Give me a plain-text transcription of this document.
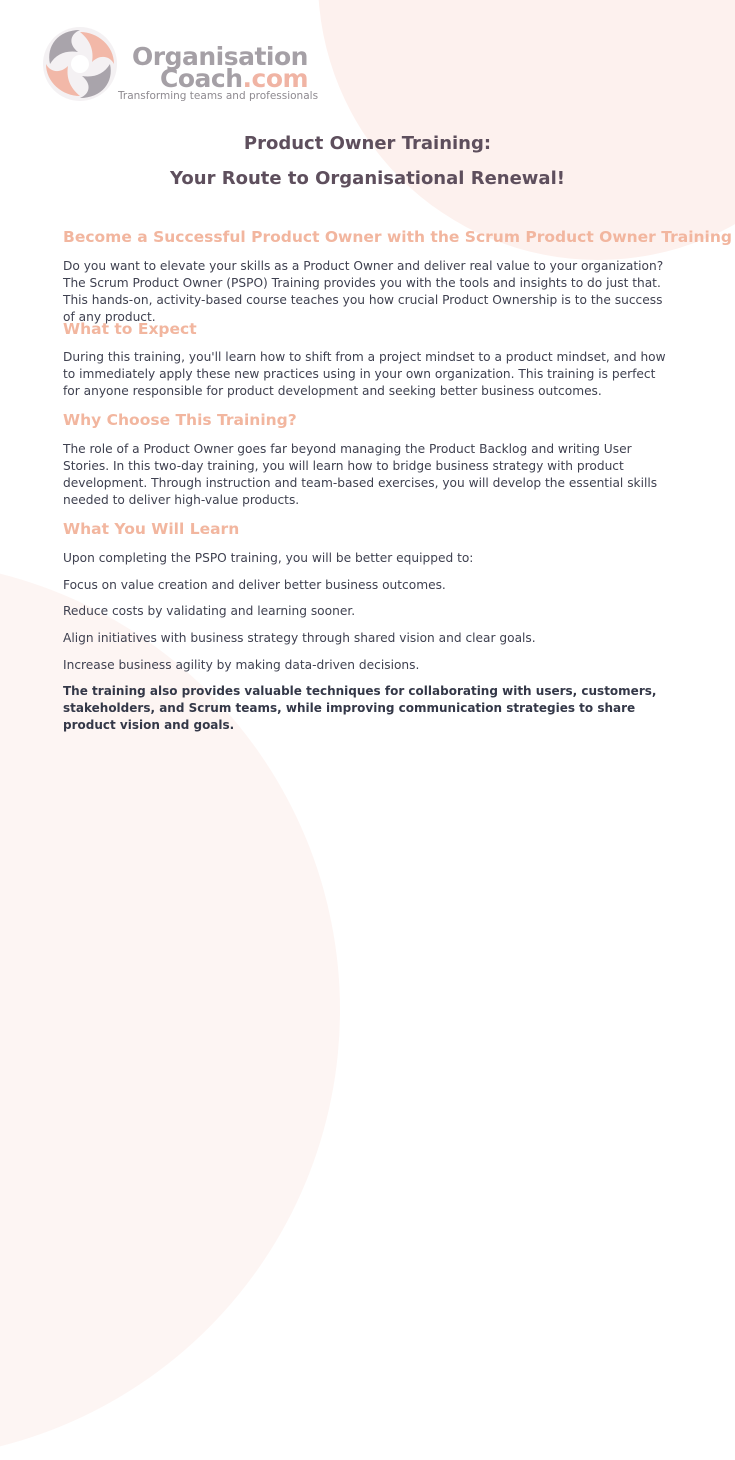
Organisation
Coach.com
Transforming teams and professionals
Product Owner Training:
Your Route to Organisational Renewal!
Become a Successful Product Owner with the Scrum Product Owner Training
Do you want to elevate your skills as a Product Owner and deliver real value to your organization? The Scrum Product Owner (PSPO) Training provides you with the tools and insights to do just that. This hands-on, activity-based course teaches you how crucial Product Ownership is to the success of any product.
What to Expect
During this training, you'll learn how to shift from a project mindset to a product mindset, and how to immediately apply these new practices using in your own organization. This training is perfect for anyone responsible for product development and seeking better business outcomes.
Why Choose This Training?
The role of a Product Owner goes far beyond managing the Product Backlog and writing User Stories. In this two-day training, you will learn how to bridge business strategy with product development. Through instruction and team-based exercises, you will develop the essential skills needed to deliver high-value products.
What You Will Learn
Upon completing the PSPO training, you will be better equipped to:
Focus on value creation and deliver better business outcomes.
Reduce costs by validating and learning sooner.
Align initiatives with business strategy through shared vision and clear goals.
Increase business agility by making data-driven decisions.
The training also provides valuable techniques for collaborating with users, customers, stakeholders, and Scrum teams, while improving communication strategies to share product vision and goals.
